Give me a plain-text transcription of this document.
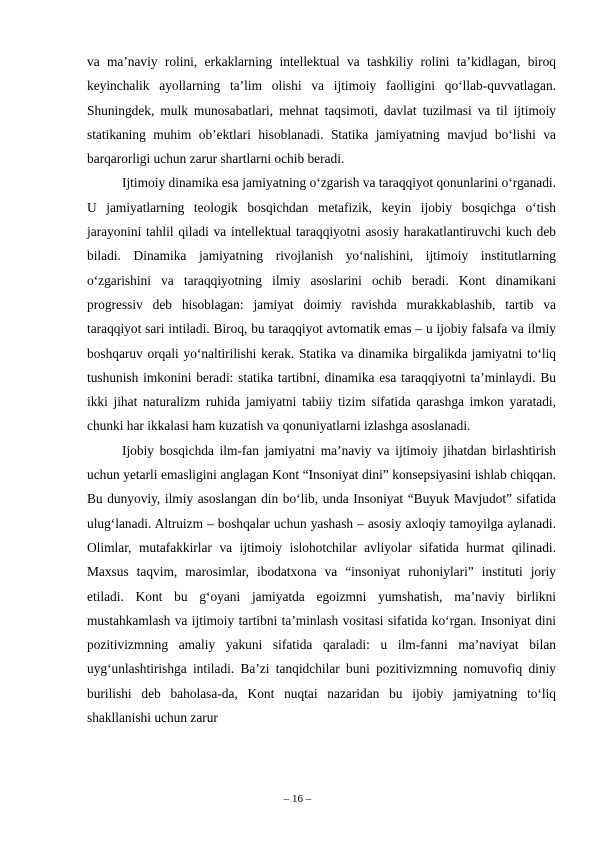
va ma’naviy rolini, erkaklarning intellektual va tashkiliy rolini ta’kidlagan, biroq keyinchalik ayollarning ta’lim olishi va ijtimoiy faolligini qo‘llab-quvvatlagan. Shuningdek, mulk munosabatlari, mehnat taqsimoti, davlat tuzilmasi va til ijtimoiy statikaning muhim ob’ektlari hisoblanadi. Statika jamiyatning mavjud bo‘lishi va barqarorligi uchun zarur shartlarni ochib beradi.

Ijtimoiy dinamika esa jamiyatning o‘zgarish va taraqqiyot qonunlarini o‘rganadi. U jamiyatlarning teologik bosqichdan metafizik, keyin ijobiy bosqichga o‘tish jarayonini tahlil qiladi va intellektual taraqqiyotni asosiy harakatlantiruvchi kuch deb biladi. Dinamika jamiyatning rivojlanish yo‘nalishini, ijtimoiy institutlarning o‘zgarishini va taraqqiyotning ilmiy asoslarini ochib beradi. Kont dinamikani progressiv deb hisoblagan: jamiyat doimiy ravishda murakkablashib, tartib va taraqqiyot sari intiladi. Biroq, bu taraqqiyot avtomatik emas – u ijobiy falsafa va ilmiy boshqaruv orqali yo‘naltirilishi kerak. Statika va dinamika birgalikda jamiyatni to‘liq tushunish imkonini beradi: statika tartibni, dinamika esa taraqqiyotni ta’minlaydi. Bu ikki jihat naturalizm ruhida jamiyatni tabiiy tizim sifatida qarashga imkon yaratadi, chunki har ikkalasi ham kuzatish va qonuniyatlarni izlashga asoslanadi.

Ijobiy bosqichda ilm-fan jamiyatni ma’naviy va ijtimoiy jihatdan birlashtirish uchun yetarli emasligini anglagan Kont “Insoniyat dini” konsepsiyasini ishlab chiqqan. Bu dunyoviy, ilmiy asoslangan din bo‘lib, unda Insoniyat “Buyuk Mavjudot” sifatida ulug‘lanadi. Altruizm – boshqalar uchun yashash – asosiy axloqiy tamoyilga aylanadi. Olimlar, mutafakkirlar va ijtimoiy islohotchilar avliyolar sifatida hurmat qilinadi. Maxsus taqvim, marosimlar, ibodatxona va “insoniyat ruhoniylari” instituti joriy etiladi. Kont bu g‘oyani jamiyatda egoizmni yumshatish, ma’naviy birlikni mustahkamlash va ijtimoiy tartibni ta’minlash vositasi sifatida ko‘rgan. Insoniyat dini pozitivizmning amaliy yakuni sifatida qaraladi: u ilm-fanni ma’naviyat bilan uyg‘unlashtirishga intiladi. Ba’zi tanqidchilar buni pozitivizmning nomuvofiq diniy burilishi deb baholasa-da, Kont nuqtai nazaridan bu ijobiy jamiyatning to‘liq shakllanishi uchun zarur

– 16 –
